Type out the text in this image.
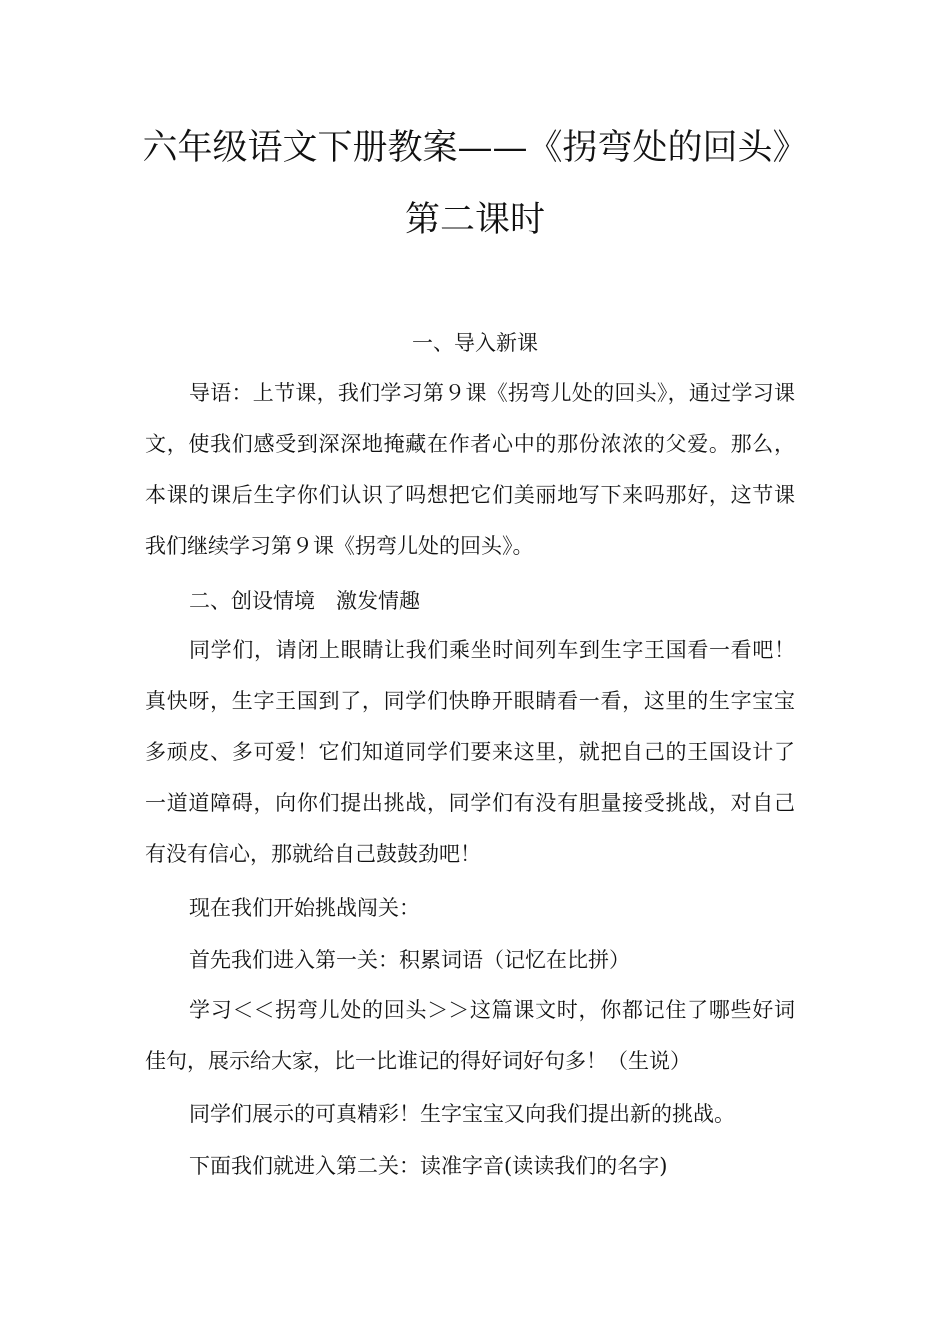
六年级语文下册教案——《拐弯处的回头》
第二课时
一、导入新课
导语：上节课，我们学习第９课《拐弯儿处的回头》，通过学习课文，使我们感受到深深地掩藏在作者心中的那份浓浓的父爱。那么，本课的课后生字你们认识了吗想把它们美丽地写下来吗那好，这节课我们继续学习第９课《拐弯儿处的回头》。
二、创设情境　激发情趣
同学们，请闭上眼睛让我们乘坐时间列车到生字王国看一看吧！真快呀，生字王国到了，同学们快睁开眼睛看一看，这里的生字宝宝多顽皮、多可爱！它们知道同学们要来这里，就把自己的王国设计了一道道障碍，向你们提出挑战，同学们有没有胆量接受挑战，对自己有没有信心，那就给自己鼓鼓劲吧！
现在我们开始挑战闯关：
首先我们进入第一关：积累词语（记忆在比拼）
学习＜＜拐弯儿处的回头＞＞这篇课文时，你都记住了哪些好词佳句，展示给大家，比一比谁记的得好词好句多！（生说）
同学们展示的可真精彩！生字宝宝又向我们提出新的挑战。
下面我们就进入第二关：读准字音(读读我们的名字)
